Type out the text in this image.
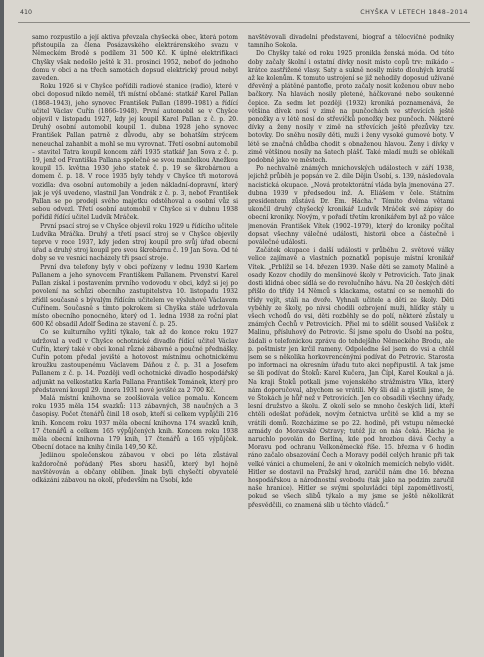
410	CHYŠKA V LETECH 1848–2014

samo rozpustilo a její aktiva převzala chyšecká obec, která potom přistoupila za člena Posázavského elektrárenského svazu v Německém Brodě s podílem 31 500 Kč. K úplné elektrifikaci Chyšky však nedošlo ještě k 31. prosinci 1952, neboť do jednoho domu v obci a na třech samotách dopsud elektrický proud nebyl zaveden.

Roku 1926 si v Chyšce pořídili radiové stanice (radio), které v obci doposud nikdo neměl, tři místní občané: statkář Karel Pallan (1868–1943), jeho synovec František Pallan (1899–1981) a řídící učitel Václav Cuřín (1866–1948). První automobil se v Chyšce objevil v listopadu 1927, kdy jej koupil Karel Pallan z č. p. 20. Druhý osobní automobil koupil 1. dubna 1928 jeho synovec František Pallan patrně z důvodu, aby se bohatším strýcem neneuchal zahanbit a mohl se mu vyrovnat. Třetí osobní automobil – stavitel Tatra koupil koncem září 1935 statkář Jan Sova z č. p. 19, jenž od Františka Pallana společně se svou manželkou Anežkou koupil 15. května 1930 jeho statek č. p. 19 se škrobárnou a domem č. p. 18. V roce 1935 byly tehdy v Chyšce tři motorová vozidla: dva osobní automobily a jeden nákladní-dopravní, který jak je výš uvedeno, vlastnil Jan Vondrák z č. p. 3, neboť František Pallan se po prodeji svého majetku odstěhoval a osobní vůz si sebou odvezl. Třetí osobní automobil v Chyšce si v dubnu 1938 pořídil řídící učitel Ludvík Mráček.

První psací stroj se v Chyšce objevil roku 1929 u řídícího učitele Ludvíka Mráčka. Druhý a třetí psací stroj se v Chyšce objevily teprve v roce 1937, kdy jeden stroj koupil pro svůj úřad obecní úřad a druhý stroj koupil pro svou škrobárnu č. 19 Jan Sova. Od té doby se ve vesnici nacházely tři psací stroje.

První dva telefony byly v obci pořízeny v lednu 1930 Karlem Pallanem a jeho synovcem Františkem Pallanem. Prvenství Karel Pallan získal i postavením prvního vodovodu v obci, když si jej po povolení na schůzi obecního zastupitelstva 10. listopadu 1932 zřídil současně s bývalým řídícím učitelem ve výsluhově Václavem Cuřínem. Současně s tímto pokrokem si Chyška stále udržovala místo obecního ponocného, který od 1. ledna 1938 za roční plat 600 Kč obsadil Adolf Šedina ze stavení č. p. 25.

Co se kulturního vyžití týkalo, tak až do konce roku 1927 udržoval a vedl v Chyšce ochotnické divadlo řídící učitel Václav Cuřín, který také v obci konal různé zábavné a poučné přednášky. Cuřín potom předal jevišté a hotovost místnímu ochotnickému kroužku zastoupenému Václavem Dáňou z č. p. 31 a Josefem Pallanem z č. p. 14. Později vedl ochotnické divadlo hospodářský adjunkt na velkostatku Karla Pallana František Tománek, který pro představení koupil 29. února 1931 nové jevišté za 2 700 Kč.

Malá místní knihovna se zoolšiovala velice pomalu. Koncem roku 1935 měla 154 svazků: 113 zábavných, 38 naučných a 3 časopisy. Počet čtenářů činil 18 osob, kteří si celkem vypůjčili 216 knih. Koncem roku 1937 měla obecní knihovna 174 svazků knih, 17 čtenářů a celkem 165 výpůjčených knih. Koncem roku 1938 měla obecní knihovna 179 knih, 17 čtenářů a 165 výpůjček. Obecní dotace na knihy činila 149,50 Kč.

Jediinou společenskou zábavou v obci po léta zůstával každoročně pořádaný Ples sboru hasičů, který byl hojně navštěvován a občany oblíben. Jinak byli chyšečtí obyvatelé odkázáni zábavou na okolí, především na Úsobí, kde

navštěvovali divadelní představení, biograf a tělocvičné podniky tamního Sokola.

Do Chyšky také od roku 1925 pronikla ženská móda. Od této doby začaly školní i ostatní dívky nosit místo copů trv: mikádo – krátce zastřižené vlasy. Saty a sukně nosily místo dlouhých kratší až ke kolenům. K tomuto ustrojení se již nehodily doposud užívané dřevěný a plátěné pantofle, proto začaly nosit koženou obuv nebo bačkory. Na hlavách nosily pletené, háčkované nebo soukenné čepice. Za sedm let později (1932) kroniká poznamenává, že většina dívek nosí v zimě na punčochách ve střevících ještě ponožky a v létě nosí do střevíčků ponožky bez punčoch. Některé dívky a ženy nosily v zimě na střevících ještě přezůvky tzv. botovky. Do sněhu nosily děti, muži i ženy vysoké gumové boty. V létě se značná chůdba chodit s obnaženou hlavou. Ženy i dívky v zimě většinou nosily na šatech plášť. Také mladí muži se oblékali podobně jako ve městech.

Po nechvalně známých mnichovských událostech v září 1938, jejichž průběh je popsán ve 2. díle Dějin Úsobí, s. 139, následovala nacistická okupace. „Nová protektorátní vláda byla jmenována 27. dubna 1939 v předsedou inž. A. Eliášem v čele. Státním presidentem zůstává Dr. Em. Hácha.“ Témito dvěma větami ukončil druhý chyšecký kronikář Ludvík Mráček své zápisy do obecní kroniky. Novým, v pořadí třetím kronikářem byl až po válce jmenován František Vítek (1902–1979), který do kroniky počítal dopsat všechny válečné události, historii obce a částečně i poválečné události.

Začátek okupace i další události v průběhu 2. světové války velice zajímavě a vlastních poznatků popisuje místní kronikář Vítek. „Prblížil se 14. březen 1939. Naše děti se zamoty Malině a osady Kozov chodily do menšinové školy v Petrovicích. Tato jinak dosti klidná obec sídlá se do revolučního hávu. Na 20 českých dětí přišlo do třídy 14 Němců s klackama, ostatní co se nemohli do třídy vejít, stáli na dvoře. Vyhnali učitele a děti ze školy. Děti vyběhly ze školy, po nivsi chodili ozbrojení muži, hlídky stály u všech vchodů do vsi, děti rozběhly se do polí, některé zůstaly u známých Čechů v Petrovicích. Přiel mi to sdělit soused Vašiček z Malinu, přísluhový do Petrovic. Ší jsme spolu do Úsobí na poštu, žádali o telefonickou zprávu do tehdejšího Německého Brodu, ale p. poštmistr jen krčil rameny. Odpoledne šel jsem do vsi a chtěl jsem se s několika horkovrencénými podívat do Petrovic. Starosta po informaci na okresním úřadu tuto akci nepřipustil. A tak jsme se šli podívat do Štoků: Karel Kučera, Jan Čípl, Karel Koukal a já. Na kraji Štoků potkali jsme vojenského strážmistra Vlka, který nám doporučoval, abychom se vrátili. My šli dál a zjistili jsme, že ve Štokách je hůř než v Petrovicích. Jen co obsadili všechny úřady, lesní družstvo a školu. Z okolí selo se mnoho českých lidí, kteří chtěli odešlat pořádek, novým četnictva určitě se klid a my se vrátili domů. Rozcházime se po 22. hodině, při vstupu německé armády do Moravské Ostravy; tutéž jiz on nás čeká. Hácha je naruchlo povolán do Berlína, kde pod hrozbou dává Čechy a Moravu pod ochranu Velkoněmecké říše. 15. března v 6 hodin ráno začalo obsazování Čech a Moravy podél celých hranic při tak velké vánici a chumelení, že ani v okolních memicích nebylo vidět. Hitler se dostavil na Pražský hrad, zarúčil nám dne 16. března hospodářskou a národnostní svobodu (tak jako na podzim zaručil naše hranice). Hitler se svými spoluvládci tépl zapomětlivostí, pokud se všech slibů týkalo a my jsme se ještě několikrát přesvědčili, co znamená slib u těchto vládců.“
